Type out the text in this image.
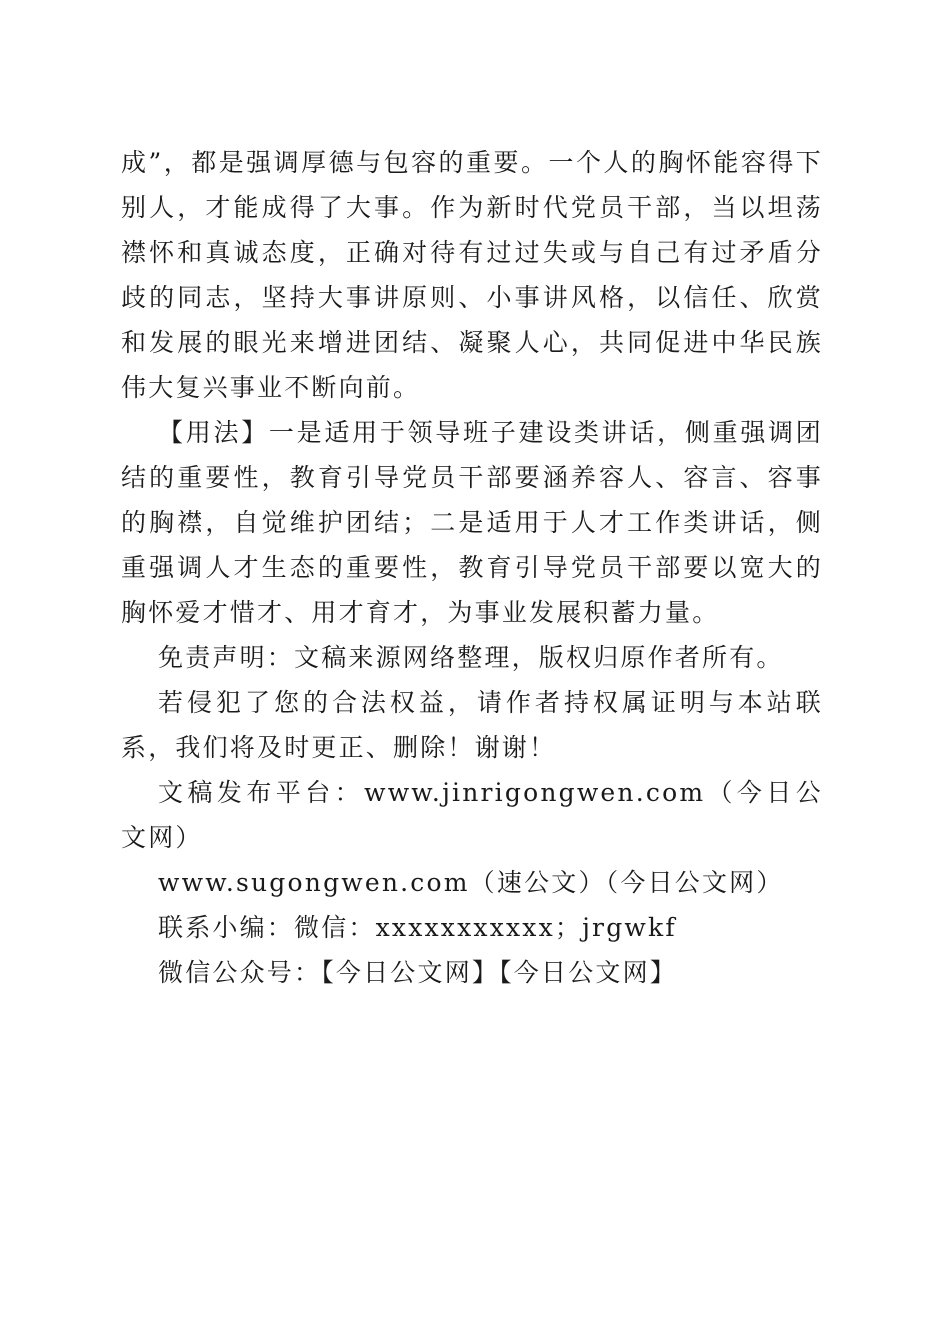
成”，都是强调厚德与包容的重要。一个人的胸怀能容得下别人，才能成得了大事。作为新时代党员干部，当以坦荡襟怀和真诚态度，正确对待有过过失或与自己有过矛盾分歧的同志，坚持大事讲原则、小事讲风格，以信任、欣赏和发展的眼光来增进团结、凝聚人心，共同促进中华民族伟大复兴事业不断向前。

【用法】一是适用于领导班子建设类讲话，侧重强调团结的重要性，教育引导党员干部要涵养容人、容言、容事的胸襟，自觉维护团结；二是适用于人才工作类讲话，侧重强调人才生态的重要性，教育引导党员干部要以宽大的胸怀爱才惜才、用才育才，为事业发展积蓄力量。

免责声明：文稿来源网络整理，版权归原作者所有。

若侵犯了您的合法权益，请作者持权属证明与本站联系，我们将及时更正、删除！谢谢！

文稿发布平台：www.jinrigongwen.com（今日公文网）

www.sugongwen.com（速公文）（今日公文网）

联系小编：微信：xxxxxxxxxxx；jrgwkf

微信公众号：【今日公文网】【今日公文网】
